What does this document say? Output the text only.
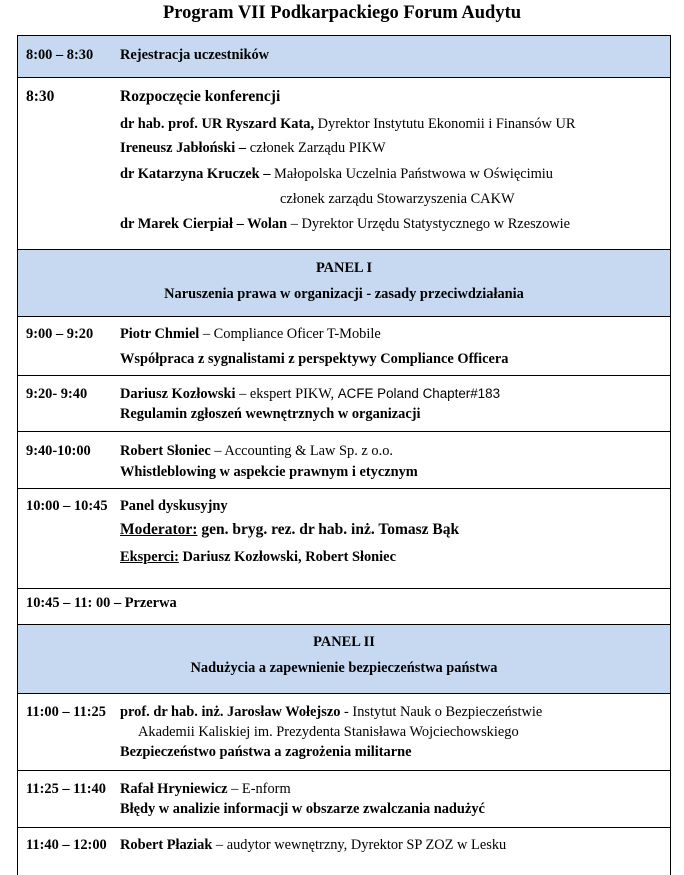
Program VII Podkarpackiego Forum Audytu
8:00 – 8:30 Rejestracja uczestników
8:30	Rozpoczęcie konferencji
dr hab. prof. UR Ryszard Kata, Dyrektor Instytutu Ekonomii i Finansów UR
Ireneusz Jabłoński – członek Zarządu PIKW
dr Katarzyna Kruczek – Małopolska Uczelnia Państwowa w Oświęcimiu
członek zarządu Stowarzyszenia CAKW
dr Marek Cierpiał – Wolan – Dyrektor Urzędu Statystycznego w Rzeszowie
PANEL I
Naruszenia prawa w organizacji - zasady przeciwdziałania
9:00 – 9:20 Piotr Chmiel – Compliance Oficer T-Mobile
Współpraca z sygnalistami z perspektywy Compliance Officera
9:20- 9:40 Dariusz Kozłowski – ekspert PIKW, ACFE Poland Chapter#183
Regulamin zgłoszeń wewnętrznych w organizacji
9:40-10:00 Robert Słoniec – Accounting & Law Sp. z o.o.
Whistleblowing w aspekcie prawnym i etycznym
10:00 – 10:45 Panel dyskusyjny
Moderator: gen. bryg. rez. dr hab. inż. Tomasz Bąk
Eksperci: Dariusz Kozłowski, Robert Słoniec
10:45 – 11: 00 – Przerwa
PANEL II
Nadużycia a zapewnienie bezpieczeństwa państwa
11:00 – 11:25 prof. dr hab. inż. Jarosław Wołejszo - Instytut Nauk o Bezpieczeństwie
Akademii Kaliskiej im. Prezydenta Stanisława Wojciechowskiego
Bezpieczeństwo państwa a zagrożenia militarne
11:25 – 11:40 Rafał Hryniewicz – E-nform
Błędy w analizie informacji w obszarze zwalczania nadużyć
11:40 – 12:00 Robert Płaziak – audytor wewnętrzny, Dyrektor SP ZOZ w Lesku
